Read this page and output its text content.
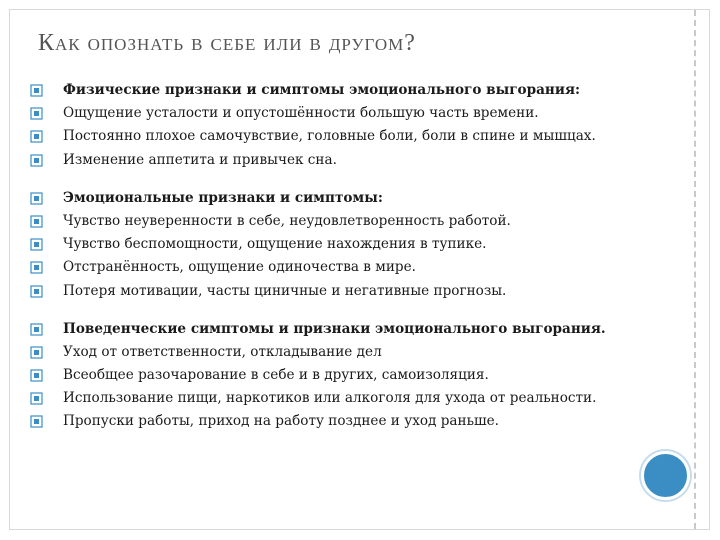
Как опознать в себе или в другом?
Физические признаки и симптомы эмоционального выгорания:
Ощущение усталости и опустошённости большую часть времени.
Постоянно плохое самочувствие, головные боли, боли в спине и мышцах.
Изменение аппетита и привычек сна.
Эмоциональные признаки и симптомы:
Чувство неуверенности в себе, неудовлетворенность работой.
Чувство беспомощности, ощущение нахождения в тупике.
Отстранённость, ощущение одиночества в мире.
Потеря мотивации, часты циничные и негативные прогнозы.
Поведенческие симптомы и признаки эмоционального выгорания.
Уход от ответственности, откладывание дел
Всеобщее разочарование в себе и в других, самоизоляция.
Использование пищи, наркотиков или алкоголя для ухода от реальности.
Пропуски работы, приход на работу позднее и уход раньше.
